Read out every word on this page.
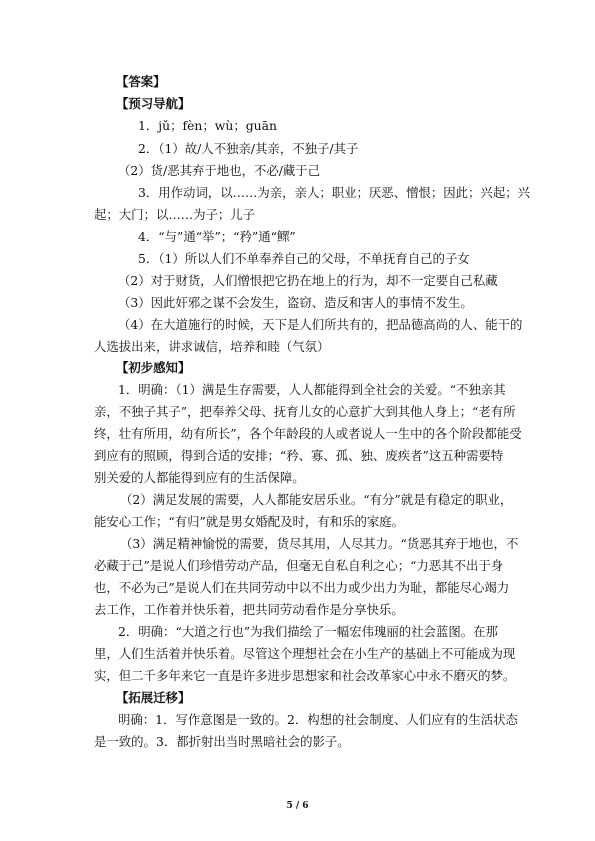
【答案】
【预习导航】
1．jǔ；fèn；wù；guān
2．（1）故/人不独亲/其亲，不独子/其子
（2）货/恶其弃于地也，不必/藏于己
3．用作动词，以……为亲，亲人；职业；厌恶、憎恨；因此；兴起；兴
起；大门；以……为子；儿子
4．“与”通“举”；“矜”通“鳏”
5．（1）所以人们不单奉养自己的父母，不单抚育自己的子女
（2）对于财货，人们憎恨把它扔在地上的行为，却不一定要自己私藏
（3）因此奸邪之谋不会发生，盗窃、造反和害人的事情不发生。
（4）在大道施行的时候，天下是人们所共有的，把品德高尚的人、能干的
人选拔出来，讲求诚信，培养和睦（气氛）
【初步感知】
1．明确：（1）满是生存需要，人人都能得到全社会的关爱。“不独亲其
亲，不独子其子”，把奉养父母、抚育儿女的心意扩大到其他人身上；“老有所
终，壮有所用，幼有所长”，各个年龄段的人或者说人一生中的各个阶段都能受
到应有的照顾，得到合适的安排；“矜、寡、孤、独、废疾者”这五种需要特
别关爱的人都能得到应有的生活保障。
（2）满足发展的需要，人人都能安居乐业。“有分”就是有稳定的职业，
能安心工作；“有归”就是男女婚配及时，有和乐的家庭。
（3）满足精神愉悦的需要，货尽其用，人尽其力。“货恶其弃于地也，不
必藏于己”是说人们珍惜劳动产品，但毫无自私自利之心；“力恶其不出于身
也，不必为己”是说人们在共同劳动中以不出力或少出力为耻，都能尽心竭力
去工作，工作着并快乐着，把共同劳动看作是分享快乐。
2．明确：“大道之行也”为我们描绘了一幅宏伟瑰丽的社会蓝图。在那
里，人们生活着并快乐着。尽管这个理想社会在小生产的基础上不可能成为现
实，但二千多年来它一直是许多进步思想家和社会改革家心中永不磨灭的梦。
【拓展迁移】
明确：1．写作意图是一致的。2．构想的社会制度、人们应有的生活状态
是一致的。3．都折射出当时黑暗社会的影子。
5 / 6
